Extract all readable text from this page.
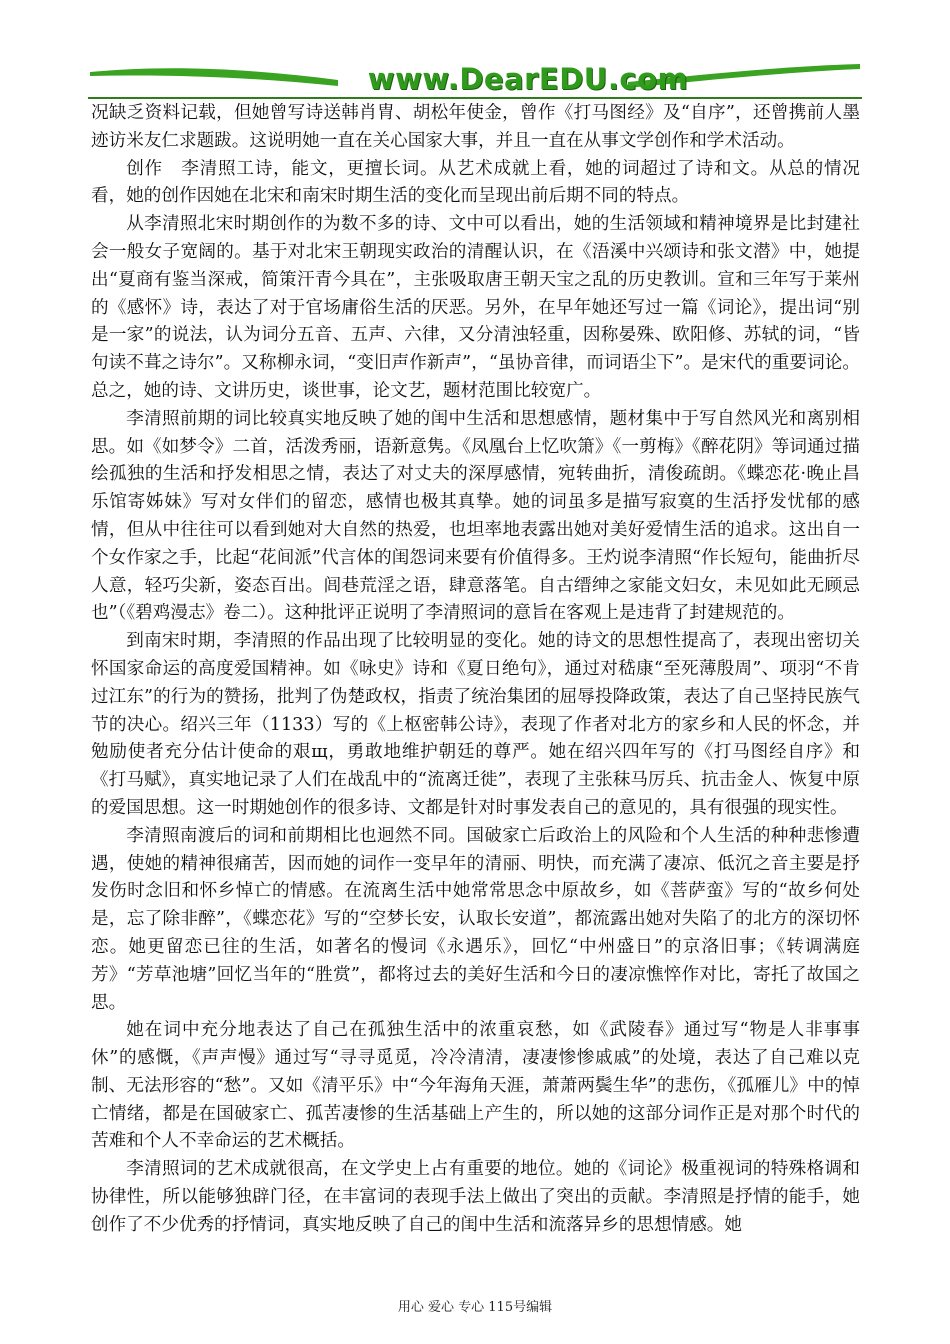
www.DearEDU.com

况缺乏资料记载，但她曾写诗送韩肖胄、胡松年使金，曾作《打马图经》及“自序”，还曾携前人墨迹访米友仁求题跋。这说明她一直在关心国家大事，并且一直在从事文学创作和学术活动。

创作　李清照工诗，能文，更擅长词。从艺术成就上看，她的词超过了诗和文。从总的情况看，她的创作因她在北宋和南宋时期生活的变化而呈现出前后期不同的特点。

从李清照北宋时期创作的为数不多的诗、文中可以看出，她的生活领域和精神境界是比封建社会一般女子宽阔的。基于对北宋王朝现实政治的清醒认识，在《浯溪中兴颂诗和张文潜》中，她提出“夏商有鉴当深戒，简策汗青今具在”，主张吸取唐王朝天宝之乱的历史教训。宣和三年写于莱州的《感怀》诗，表达了对于官场庸俗生活的厌恶。另外，在早年她还写过一篇《词论》，提出词“别是一家”的说法，认为词分五音、五声、六律，又分清浊轻重，因称晏殊、欧阳修、苏轼的词，“皆句读不葺之诗尔”。又称柳永词，“变旧声作新声”，“虽协音律，而词语尘下”。是宋代的重要词论。总之，她的诗、文讲历史，谈世事，论文艺，题材范围比较宽广。

李清照前期的词比较真实地反映了她的闺中生活和思想感情，题材集中于写自然风光和离别相思。如《如梦令》二首，活泼秀丽，语新意隽。《凤凰台上忆吹箫》《一剪梅》《醉花阴》等词通过描绘孤独的生活和抒发相思之情，表达了对丈夫的深厚感情，宛转曲折，清俊疏朗。《蝶恋花·晚止昌乐馆寄姊妹》写对女伴们的留恋，感情也极其真挚。她的词虽多是描写寂寞的生活抒发忧郁的感情，但从中往往可以看到她对大自然的热爱，也坦率地表露出她对美好爱情生活的追求。这出自一个女作家之手，比起“花间派”代言体的闺怨词来要有价值得多。王灼说李清照“作长短句，能曲折尽人意，轻巧尖新，姿态百出。闾巷荒淫之语，肆意落笔。自古缙绅之家能文妇女，未见如此无顾忌也”（《碧鸡漫志》卷二）。这种批评正说明了李清照词的意旨在客观上是违背了封建规范的。

到南宋时期，李清照的作品出现了比较明显的变化。她的诗文的思想性提高了，表现出密切关怀国家命运的高度爱国精神。如《咏史》诗和《夏日绝句》，通过对嵇康“至死薄殷周”、项羽“不肯过江东”的行为的赞扬，批判了伪楚政权，指责了统治集团的屈辱投降政策，表达了自己坚持民族气节的决心。绍兴三年（1133）写的《上枢密韩公诗》，表现了作者对北方的家乡和人民的怀念，并勉励使者充分估计使命的艰щ，勇敢地维护朝廷的尊严。她在绍兴四年写的《打马图经自序》和《打马赋》，真实地记录了人们在战乱中的“流离迁徙”，表现了主张秣马厉兵、抗击金人、恢复中原的爱国思想。这一时期她创作的很多诗、文都是针对时事发表自己的意见的，具有很强的现实性。

李清照南渡后的词和前期相比也迥然不同。国破家亡后政治上的风险和个人生活的种种悲惨遭遇，使她的精神很痛苦，因而她的词作一变早年的清丽、明快，而充满了凄凉、低沉之音主要是抒发伤时念旧和怀乡悼亡的情感。在流离生活中她常常思念中原故乡，如《菩萨蛮》写的“故乡何处是，忘了除非醉”，《蝶恋花》写的“空梦长安，认取长安道”，都流露出她对失陷了的北方的深切怀恋。她更留恋已往的生活，如著名的慢词《永遇乐》，回忆“中州盛日”的京洛旧事；《转调满庭芳》“芳草池塘”回忆当年的“胜赏”，都将过去的美好生活和今日的凄凉憔悴作对比，寄托了故国之思。

她在词中充分地表达了自己在孤独生活中的浓重哀愁，如《武陵春》通过写“物是人非事事休”的感慨，《声声慢》通过写“寻寻觅觅，冷冷清清，凄凄惨惨戚戚”的处境，表达了自己难以克制、无法形容的“愁”。又如《清平乐》中“今年海角天涯，萧萧两鬓生华”的悲伤，《孤雁儿》中的悼亡情绪，都是在国破家亡、孤苦凄惨的生活基础上产生的，所以她的这部分词作正是对那个时代的苦难和个人不幸命运的艺术概括。

李清照词的艺术成就很高，在文学史上占有重要的地位。她的《词论》极重视词的特殊格调和协律性，所以能够独辟门径，在丰富词的表现手法上做出了突出的贡献。李清照是抒情的能手，她创作了不少优秀的抒情词，真实地反映了自己的闺中生活和流落异乡的思想情感。她

用心 爱心 专心 115号编辑
